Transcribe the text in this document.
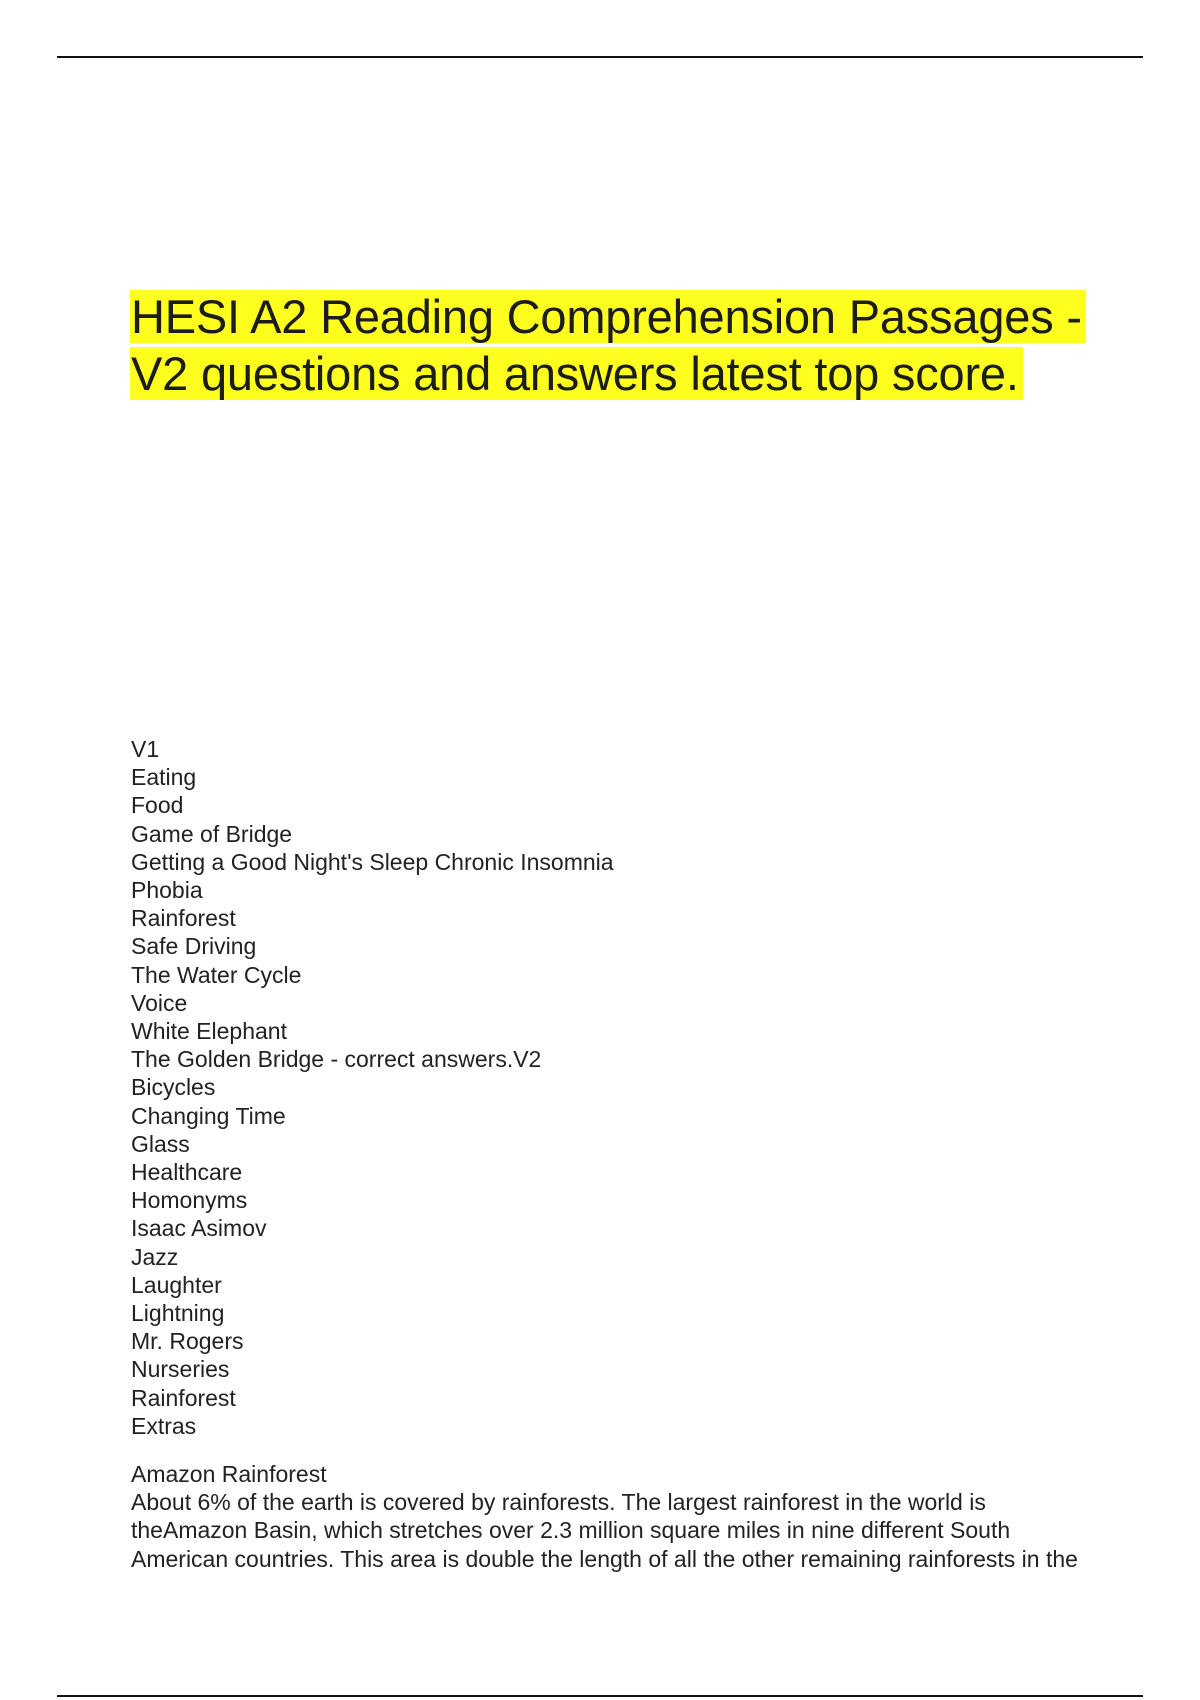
HESI A2 Reading Comprehension Passages -
V2 questions and answers latest top score.
V1
Eating
Food
Game of Bridge
Getting a Good Night's Sleep Chronic Insomnia
Phobia
Rainforest
Safe Driving
The Water Cycle
Voice
White Elephant
The Golden Bridge - correct answers.V2
Bicycles
Changing Time
Glass
Healthcare
Homonyms
Isaac Asimov
Jazz
Laughter
Lightning
Mr. Rogers
Nurseries
Rainforest
Extras

Amazon Rainforest

About 6% of the earth is covered by rainforests. The largest rainforest in the world is
theAmazon Basin, which stretches over 2.3 million square miles in nine different South
American countries. This area is double the length of all the other remaining rainforests in the
